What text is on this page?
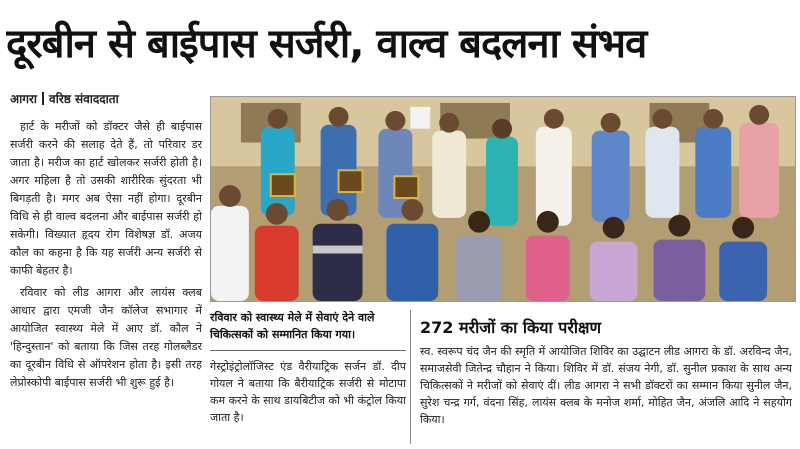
दूरबीन से बाईपास सर्जरी, वाल्व बदलना संभव
आगरा वरिष्ठ संवाददाता

हार्ट के मरीजों को डॉक्टर जैसे ही बाईपास सर्जरी करने की सलाह देते हैं, तो परिवार डर जाता है। मरीज का हार्ट खोलकर सर्जरी होती है। अगर महिला है तो उसकी शारीरिक सुंदरता भी बिगड़ती है। मगर अब ऐसा नहीं होगा। दूरबीन विधि से ही वाल्व बदलना और बाईपास सर्जरी हो सकेगी। विख्यात हृदय रोग विशेषज्ञ डॉ. अजय कौल का कहना है कि यह सर्जरी अन्य सर्जरी से काफी बेहतर है।

रविवार को लीड आगरा और लायंस क्लब आधार द्वारा एमजी जैन कॉलेज सभागार में आयोजित स्वास्थ्य मेले में आए डॉ. कौल ने 'हिन्दुस्तान' को बताया कि जिस तरह गोलब्लैडर का दूरबीन विधि से ऑपरेशन होता है। इसी तरह लेप्रोस्कोपी बाईपास सर्जरी भी शुरू हुई है।

रविवार को स्वास्थ्य मेले में सेवाएं देने वाले चिकित्सकों को सम्मानित किया गया।
गेस्ट्रोइंट्रोलॉजिस्ट एंड वैरीयाट्रिक सर्जन डॉ. दीप गोयल ने बताया कि बैरीयाट्रिक सर्जरी से मोटापा कम करने के साथ डायबिटीज को भी कंट्रोल किया जाता है।
272 मरीजों का किया परीक्षण
स्व. स्वरूप चंद जैन की स्मृति में आयोजित शिविर का उद्घाटन लीड आगरा के डॉ. अरविन्द जैन, समाजसेवी जितेन्द्र चौहान ने किया। शिविर में डॉ. संजय नेगी, डॉ. सुनील प्रकाश के साथ अन्य चिकित्सकों ने मरीजों को सेवाएं दीं। लीड आगरा ने सभी डॉक्टरों का सम्मान किया सुनील जैन, सुरेश चन्द्र गर्ग, वंदना सिंह, लायंस क्लब के मनोज शर्मा, मोहित जैन, अंजलि आदि ने सहयोग किया।
